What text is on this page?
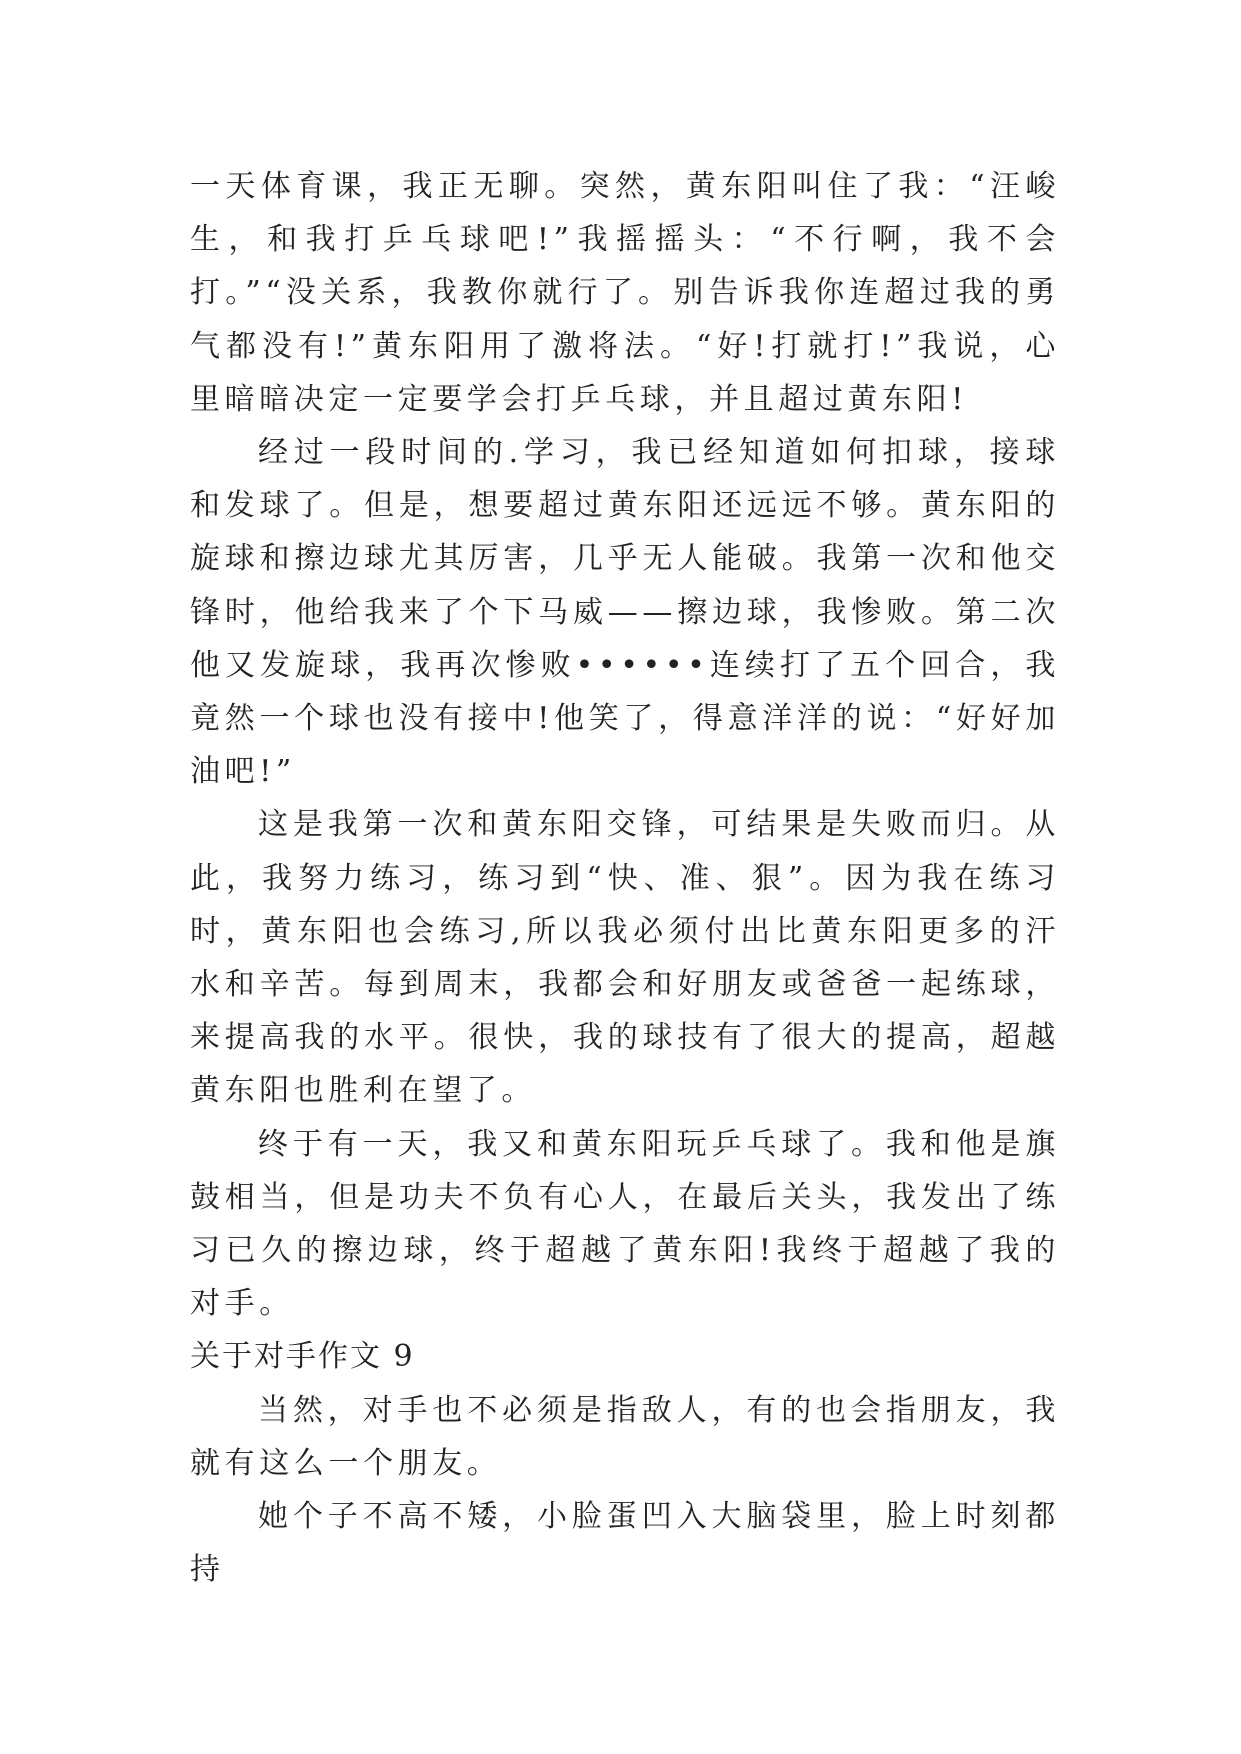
一天体育课，我正无聊。突然，黄东阳叫住了我：“汪峻生，和我打乒乓球吧!”我摇摇头：“不行啊，我不会打。”“没关系，我教你就行了。别告诉我你连超过我的勇气都没有!”黄东阳用了激将法。“好!打就打!”我说，心里暗暗决定一定要学会打乒乓球，并且超过黄东阳!

经过一段时间的.学习，我已经知道如何扣球，接球和发球了。但是，想要超过黄东阳还远远不够。黄东阳的旋球和擦边球尤其厉害，几乎无人能破。我第一次和他交锋时，他给我来了个下马威——擦边球，我惨败。第二次他又发旋球，我再次惨败••••••连续打了五个回合，我竟然一个球也没有接中!他笑了，得意洋洋的说：“好好加油吧!”

这是我第一次和黄东阳交锋，可结果是失败而归。从此，我努力练习，练习到“快、准、狠”。因为我在练习时，黄东阳也会练习,所以我必须付出比黄东阳更多的汗水和辛苦。每到周末，我都会和好朋友或爸爸一起练球，来提高我的水平。很快，我的球技有了很大的提高，超越黄东阳也胜利在望了。

终于有一天，我又和黄东阳玩乒乓球了。我和他是旗鼓相当，但是功夫不负有心人，在最后关头，我发出了练习已久的擦边球，终于超越了黄东阳!我终于超越了我的对手。

关于对手作文 9

当然，对手也不必须是指敌人，有的也会指朋友，我就有这么一个朋友。

她个子不高不矮，小脸蛋凹入大脑袋里，脸上时刻都持
